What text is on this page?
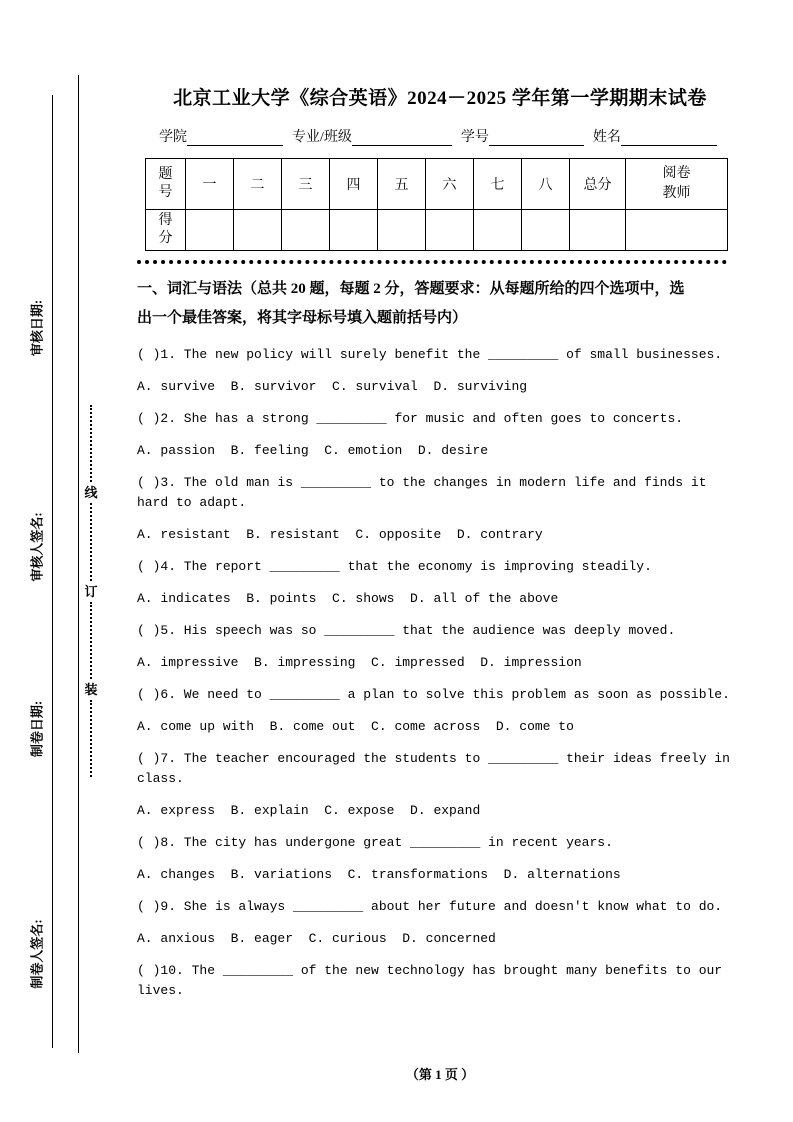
审核日期:
审核人签名:
制卷日期:
制卷人签名:
线
订
装
北京工业大学《综合英语》2024－2025 学年第一学期期末试卷
学院	专业/班级	学号	姓名
题号	一	二	三	四	五	六	七	八	总分	阅卷教师
得分										
一、词汇与语法（总共 20 题，每题 2 分，答题要求：从每题所给的四个选项中，选
出一个最佳答案，将其字母标号填入题前括号内）
( )1. The new policy will surely benefit the _________ of small businesses.
A. survive  B. survivor  C. survival  D. surviving
( )2. She has a strong _________ for music and often goes to concerts.
A. passion  B. feeling  C. emotion  D. desire
( )3. The old man is _________ to the changes in modern life and finds it hard to adapt.
A. resistant  B. resistant  C. opposite  D. contrary
( )4. The report _________ that the economy is improving steadily.
A. indicates  B. points  C. shows  D. all of the above
( )5. His speech was so _________ that the audience was deeply moved.
A. impressive  B. impressing  C. impressed  D. impression
( )6. We need to _________ a plan to solve this problem as soon as possible.
A. come up with  B. come out  C. come across  D. come to
( )7. The teacher encouraged the students to _________ their ideas freely in class.
A. express  B. explain  C. expose  D. expand
( )8. The city has undergone great _________ in recent years.
A. changes  B. variations  C. transformations  D. alternations
( )9. She is always _________ about her future and doesn't know what to do.
A. anxious  B. eager  C. curious  D. concerned
( )10. The _________ of the new technology has brought many benefits to our lives.
（第 1 页 ）
